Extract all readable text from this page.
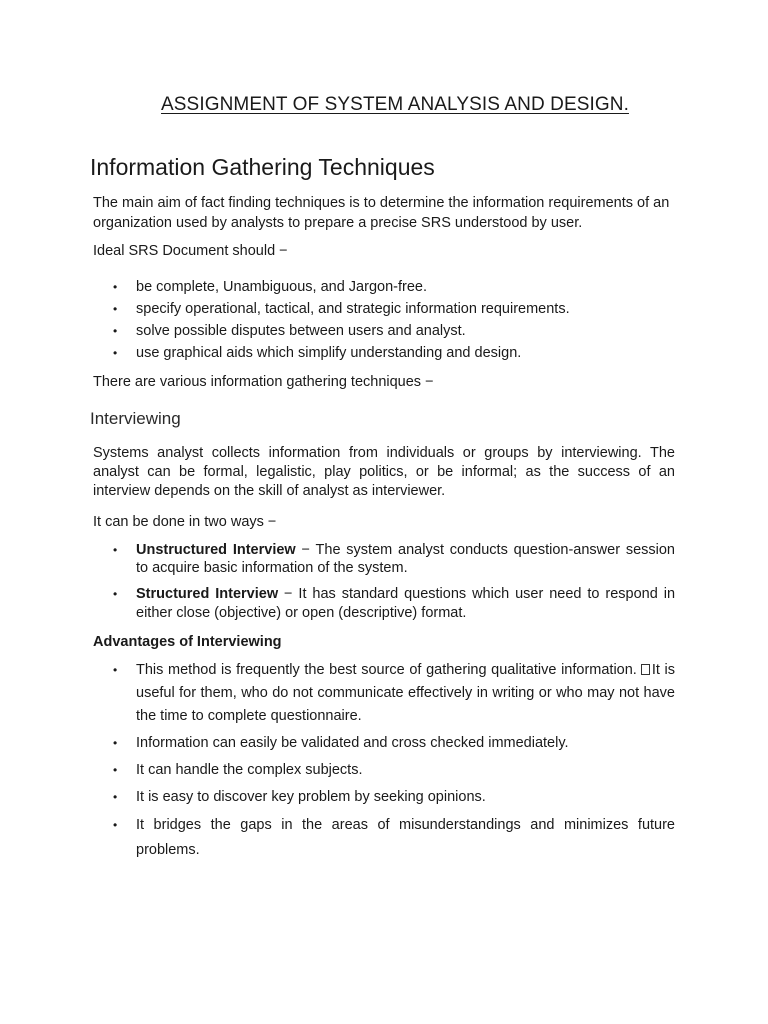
ASSIGNMENT OF SYSTEM ANALYSIS AND DESIGN.
Information Gathering Techniques
The main aim of fact finding techniques is to determine the information requirements of an organization used by analysts to prepare a precise SRS understood by user.
Ideal SRS Document should −
• be complete, Unambiguous, and Jargon-free.
• specify operational, tactical, and strategic information requirements.
• solve possible disputes between users and analyst.
• use graphical aids which simplify understanding and design.
There are various information gathering techniques −
Interviewing
Systems analyst collects information from individuals or groups by interviewing. The analyst can be formal, legalistic, play politics, or be informal; as the success of an interview depends on the skill of analyst as interviewer.
It can be done in two ways −
• Unstructured Interview − The system analyst conducts question-answer session to acquire basic information of the system.
• Structured Interview − It has standard questions which user need to respond in either close (objective) or open (descriptive) format.
Advantages of Interviewing
• This method is frequently the best source of gathering qualitative information. It is useful for them, who do not communicate effectively in writing or who may not have the time to complete questionnaire.
• Information can easily be validated and cross checked immediately.
• It can handle the complex subjects.
• It is easy to discover key problem by seeking opinions.
• It bridges the gaps in the areas of misunderstandings and minimizes future problems.
